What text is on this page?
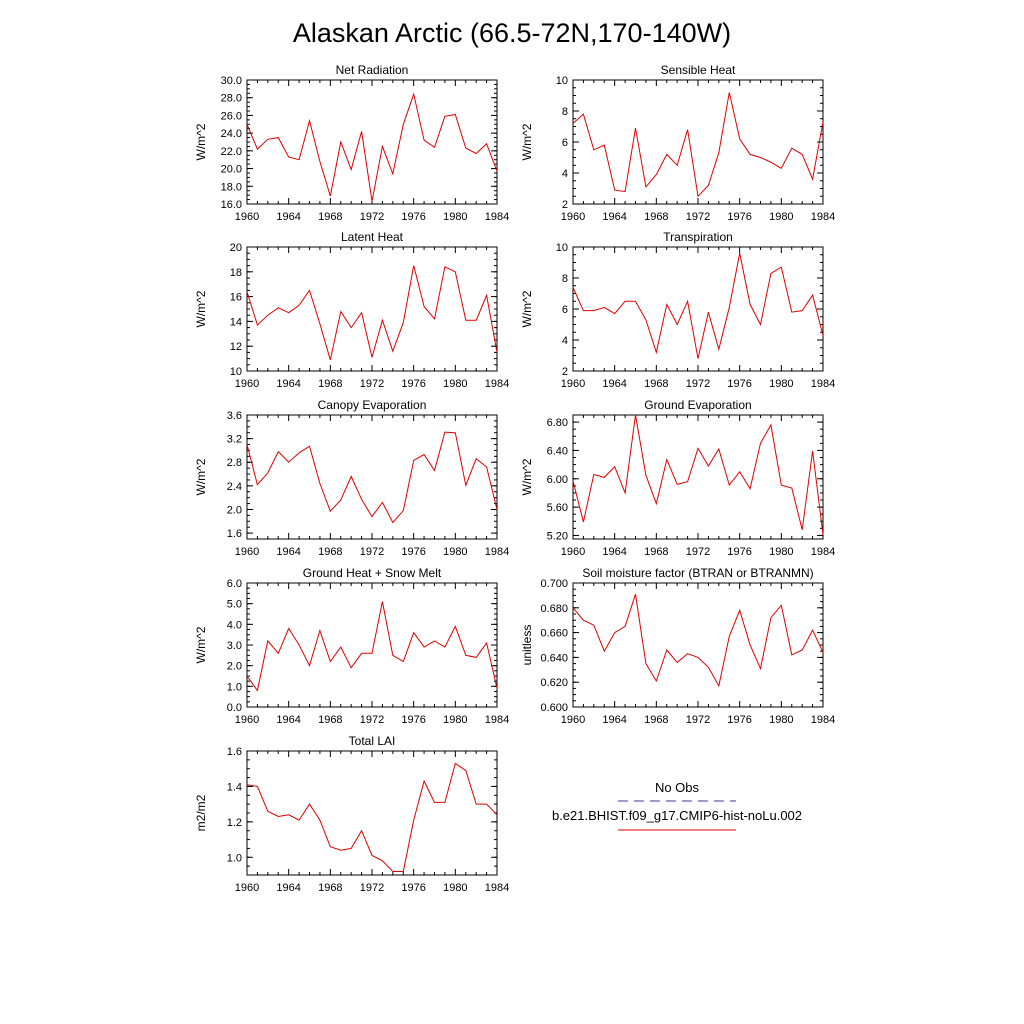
Alaskan Arctic (66.5-72N,170-140W)
Net Radiation
W/m^2
1960 1964 1968 1972 1976 1980 1984
16.0
18.0
20.0
22.0
24.0
26.0
28.0
30.0
Sensible Heat
W/m^2
1960 1964 1968 1972 1976 1980 1984
2
4
6
8
10
Latent Heat
W/m^2
1960 1964 1968 1972 1976 1980 1984
10
12
14
16
18
20
Transpiration
W/m^2
1960 1964 1968 1972 1976 1980 1984
2
4
6
8
10
Canopy Evaporation
W/m^2
1960 1964 1968 1972 1976 1980 1984
1.6
2.0
2.4
2.8
3.2
3.6
Ground Evaporation
W/m^2
1960 1964 1968 1972 1976 1980 1984
5.20
5.60
6.00
6.40
6.80
Ground Heat + Snow Melt
W/m^2
1960 1964 1968 1972 1976 1980 1984
0.0
1.0
2.0
3.0
4.0
5.0
6.0
Soil moisture factor (BTRAN or BTRANMN)
unitless
1960 1964 1968 1972 1976 1980 1984
0.600
0.620
0.640
0.660
0.680
0.700
Total LAI
m2/m2
1960 1964 1968 1972 1976 1980 1984
1.0
1.2
1.4
1.6
No Obs
b.e21.BHIST.f09_g17.CMIP6-hist-noLu.002
